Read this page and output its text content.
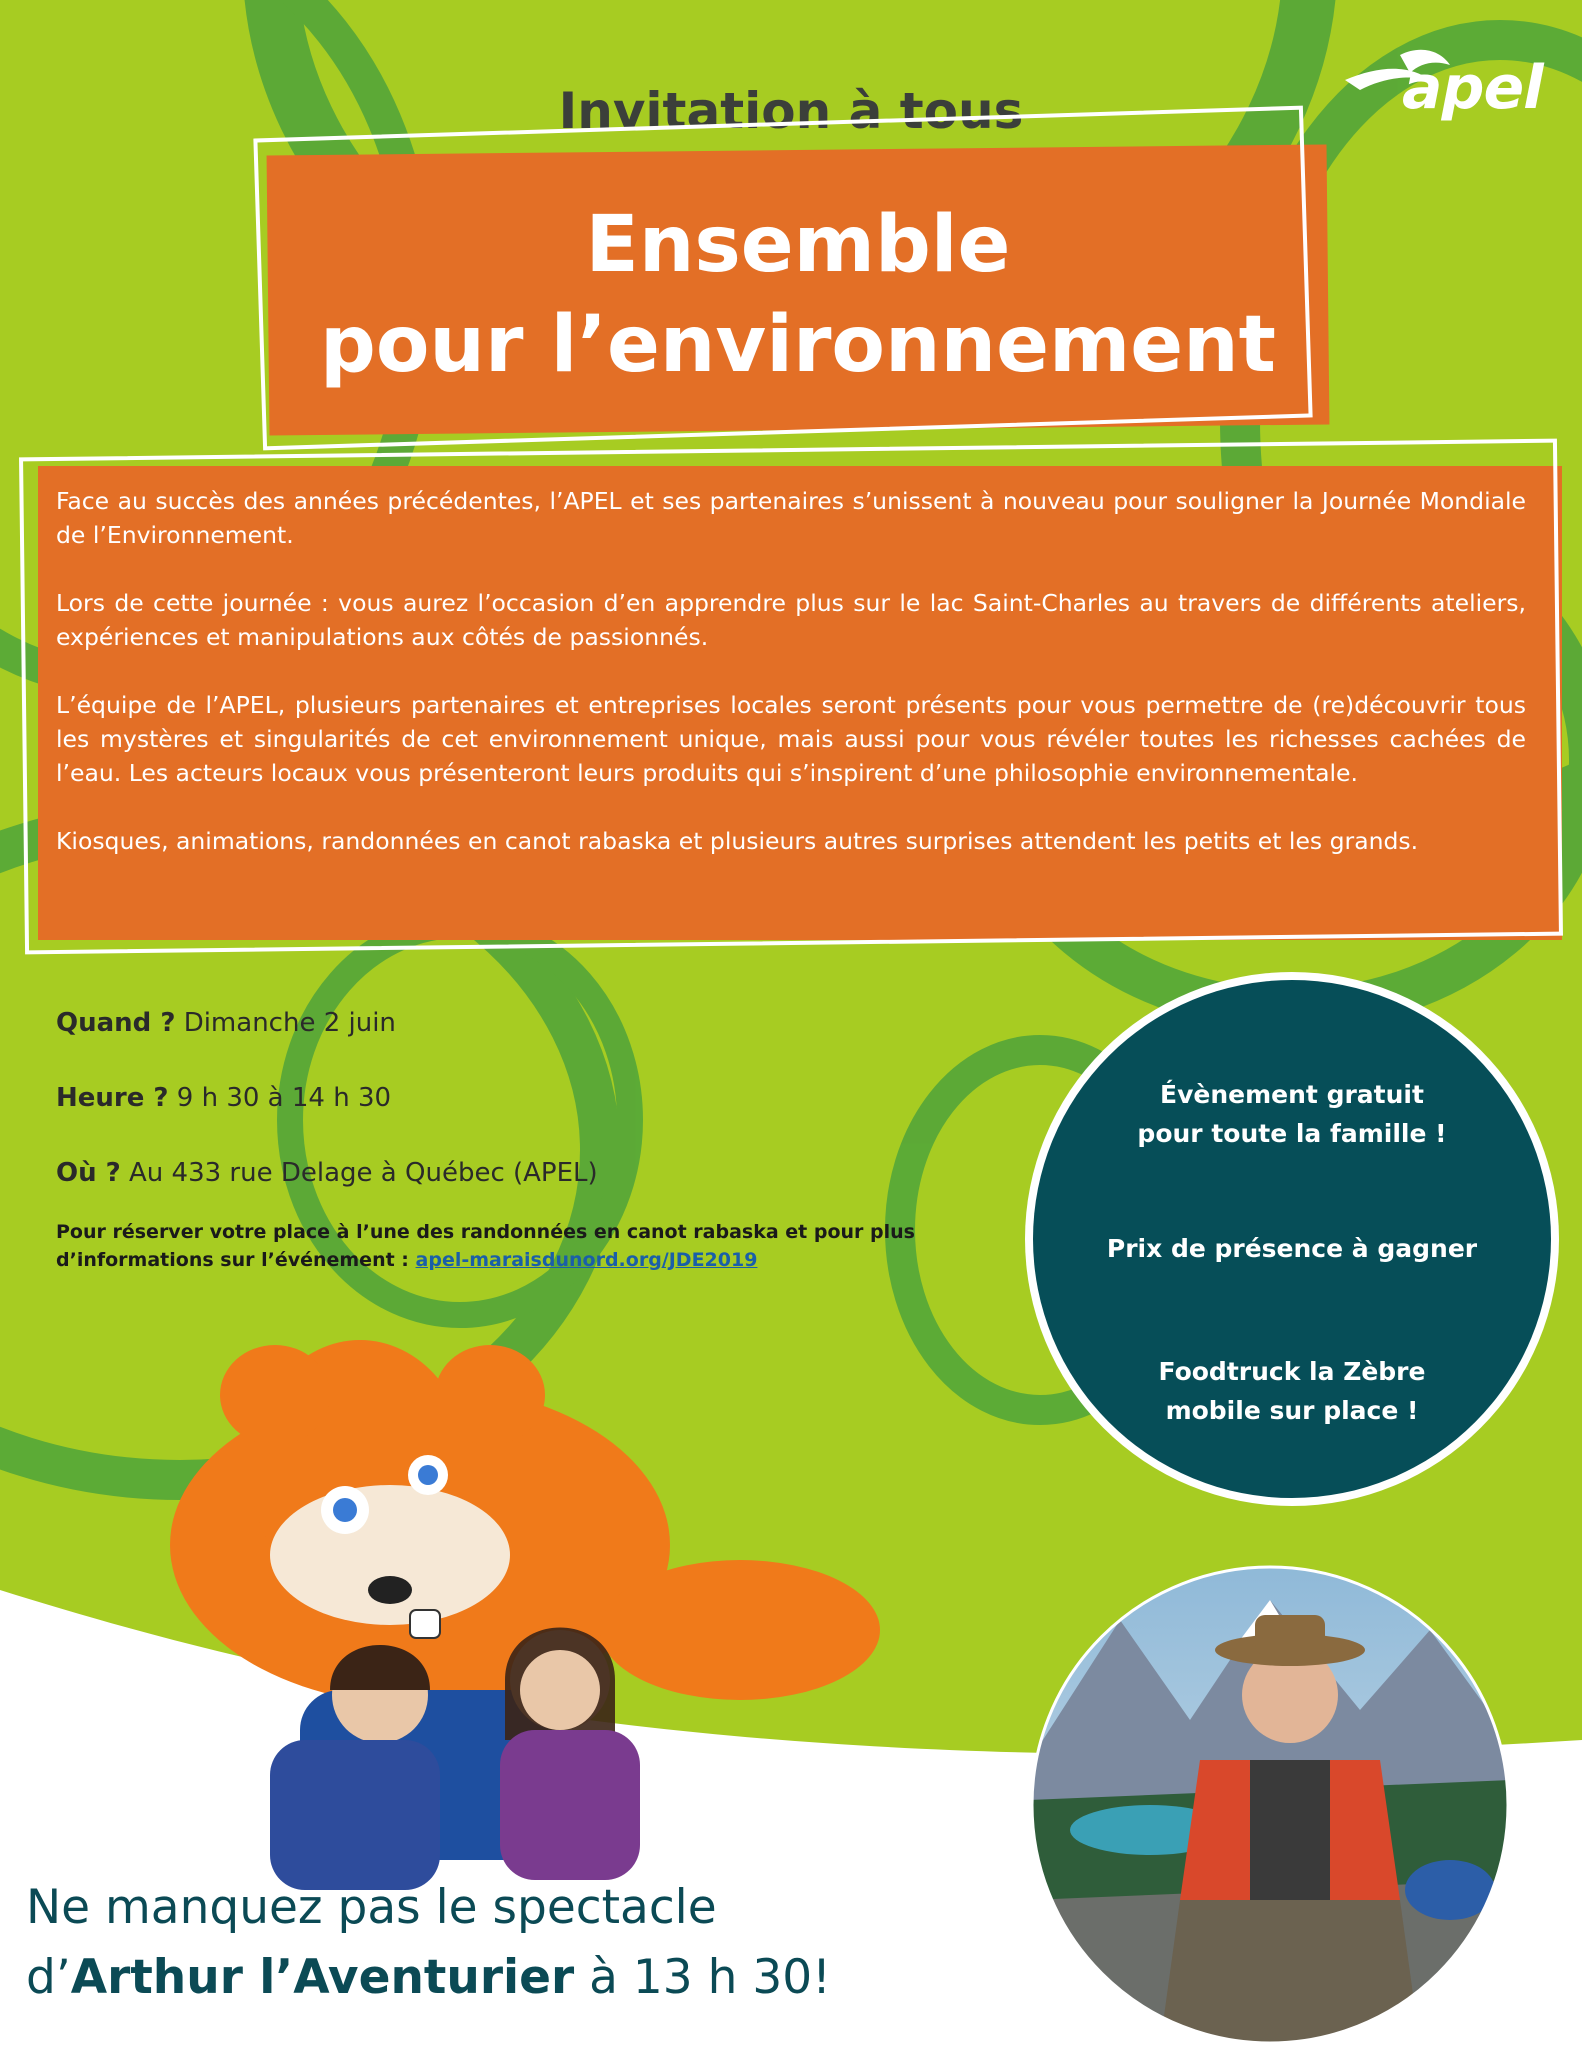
apel
Invitation à tous
Ensemble
pour l’environnement

Face au succès des années précédentes, l’APEL et ses partenaires s’unissent à nouveau pour souligner la Journée Mondiale de l’Environnement.

Lors de cette journée : vous aurez l’occasion d’en apprendre plus sur le lac Saint-Charles au travers de différents ateliers, expériences et manipulations aux côtés de passionnés.

L’équipe de l’APEL, plusieurs partenaires et entreprises locales seront présents pour vous permettre de (re)découvrir tous les mystères et singularités de cet environnement unique, mais aussi pour vous révéler toutes les richesses cachées de l’eau. Les acteurs locaux vous présenteront leurs produits qui s’inspirent d’une philosophie environnementale.

Kiosques, animations, randonnées en canot rabaska et plusieurs autres surprises attendent les petits et les grands.

Quand ? Dimanche 2 juin
Heure ? 9 h 30 à 14 h 30
Où ? Au 433 rue Delage à Québec (APEL)
Pour réserver votre place à l’une des randonnées en canot rabaska et pour plus
d’informations sur l’événement : apel-maraisdunord.org/JDE2019
Évènement gratuit
pour toute la famille !
Prix de présence à gagner
Foodtruck la Zèbre
mobile sur place !
Ne manquez pas le spectacle
d’Arthur l’Aventurier à 13 h 30!
